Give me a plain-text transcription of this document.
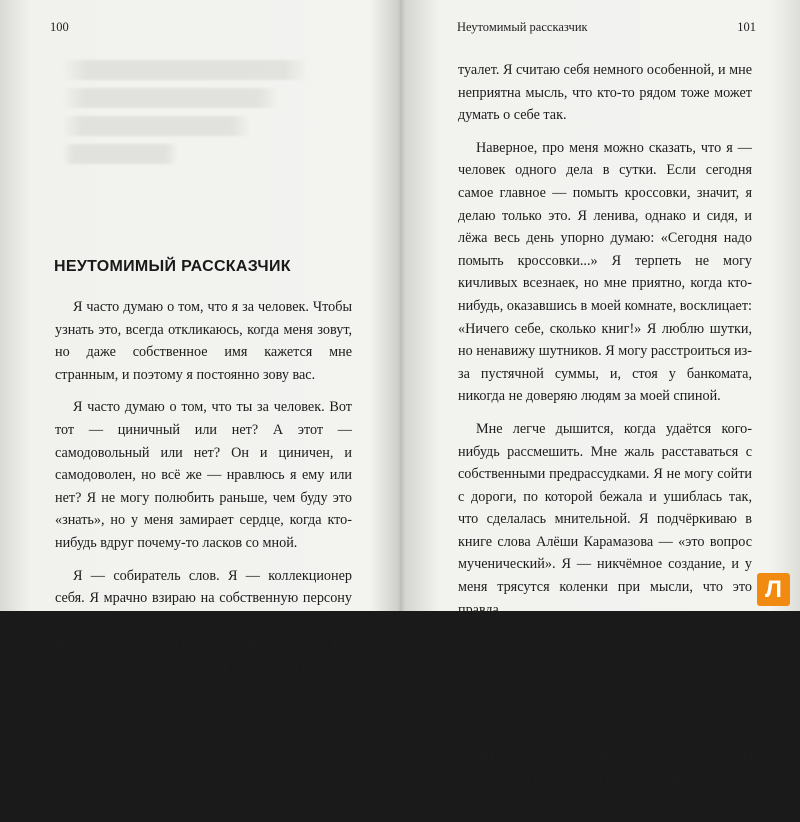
100
НЕУТОМИМЫЙ РАССКАЗЧИК

Я часто думаю о том, что я за человек. Чтобы узнать это, всегда откликаюсь, когда меня зовут, но даже собственное имя кажется мне странным, и поэтому я постоянно зову вас.

Я часто думаю о том, что ты за человек. Вот тот — циничный или нет? А этот — самодовольный или нет? Он и циничен, и самодоволен, но всё же — нравлюсь я ему или нет? Я не могу полюбить раньше, чем буду это «знать», но у меня замирает сердце, когда кто-нибудь вдруг почему-то ласков со мной.

Я — собиратель слов. Я — коллекционер себя. Я мрачно взираю на собственную персону со стороны самым беззастенчивым образом. Я не могу пропустить, когда говорят обо мне, я вся обращаюсь в слух и, сидя в баре, терплю, если мне надо в

Неутомимый рассказчик	101

туалет. Я считаю себя немного особенной, и мне неприятна мысль, что кто-то рядом тоже может думать о себе так.

Наверное, про меня можно сказать, что я — человек одного дела в сутки. Если сегодня самое главное — помыть кроссовки, значит, я делаю только это. Я ленива, однако и сидя, и лёжа весь день упорно думаю: «Сегодня надо помыть кроссовки...» Я терпеть не могу кичливых всезнаек, но мне приятно, когда кто-нибудь, оказавшись в моей комнате, восклицает: «Ничего себе, сколько книг!» Я люблю шутки, но ненавижу шутников. Я могу расстроиться из-за пустячной суммы, и, стоя у банкомата, никогда не доверяю людям за моей спиной.

Мне легче дышится, когда удаётся кого-нибудь рассмешить. Мне жаль расставаться с собственными предрассудками. Я не могу сойти с дороги, по которой бежала и ушиблась так, что сделалась мнительной. Я подчёркиваю в книге слова Алёши Карамазова — «это вопрос мученический». Я — никчёмное создание, и у меня трясутся коленки при мысли, что это правда.

Я — то, чего боюсь; то, что презираю; то, о чём спрашиваю. Я смотрю на себя пристально, смотрю искоса, закрываю на себя глаза. Я утверждаю, что всё в порядке, извиняюсь и благодарю. Я могла бы рассказать о группах крови и знаках зодиака — о том, чем мы зачитывались, слюнявя пальцы, чтобы перевернуть страницу. Я всё ещё полна этим.

Л
